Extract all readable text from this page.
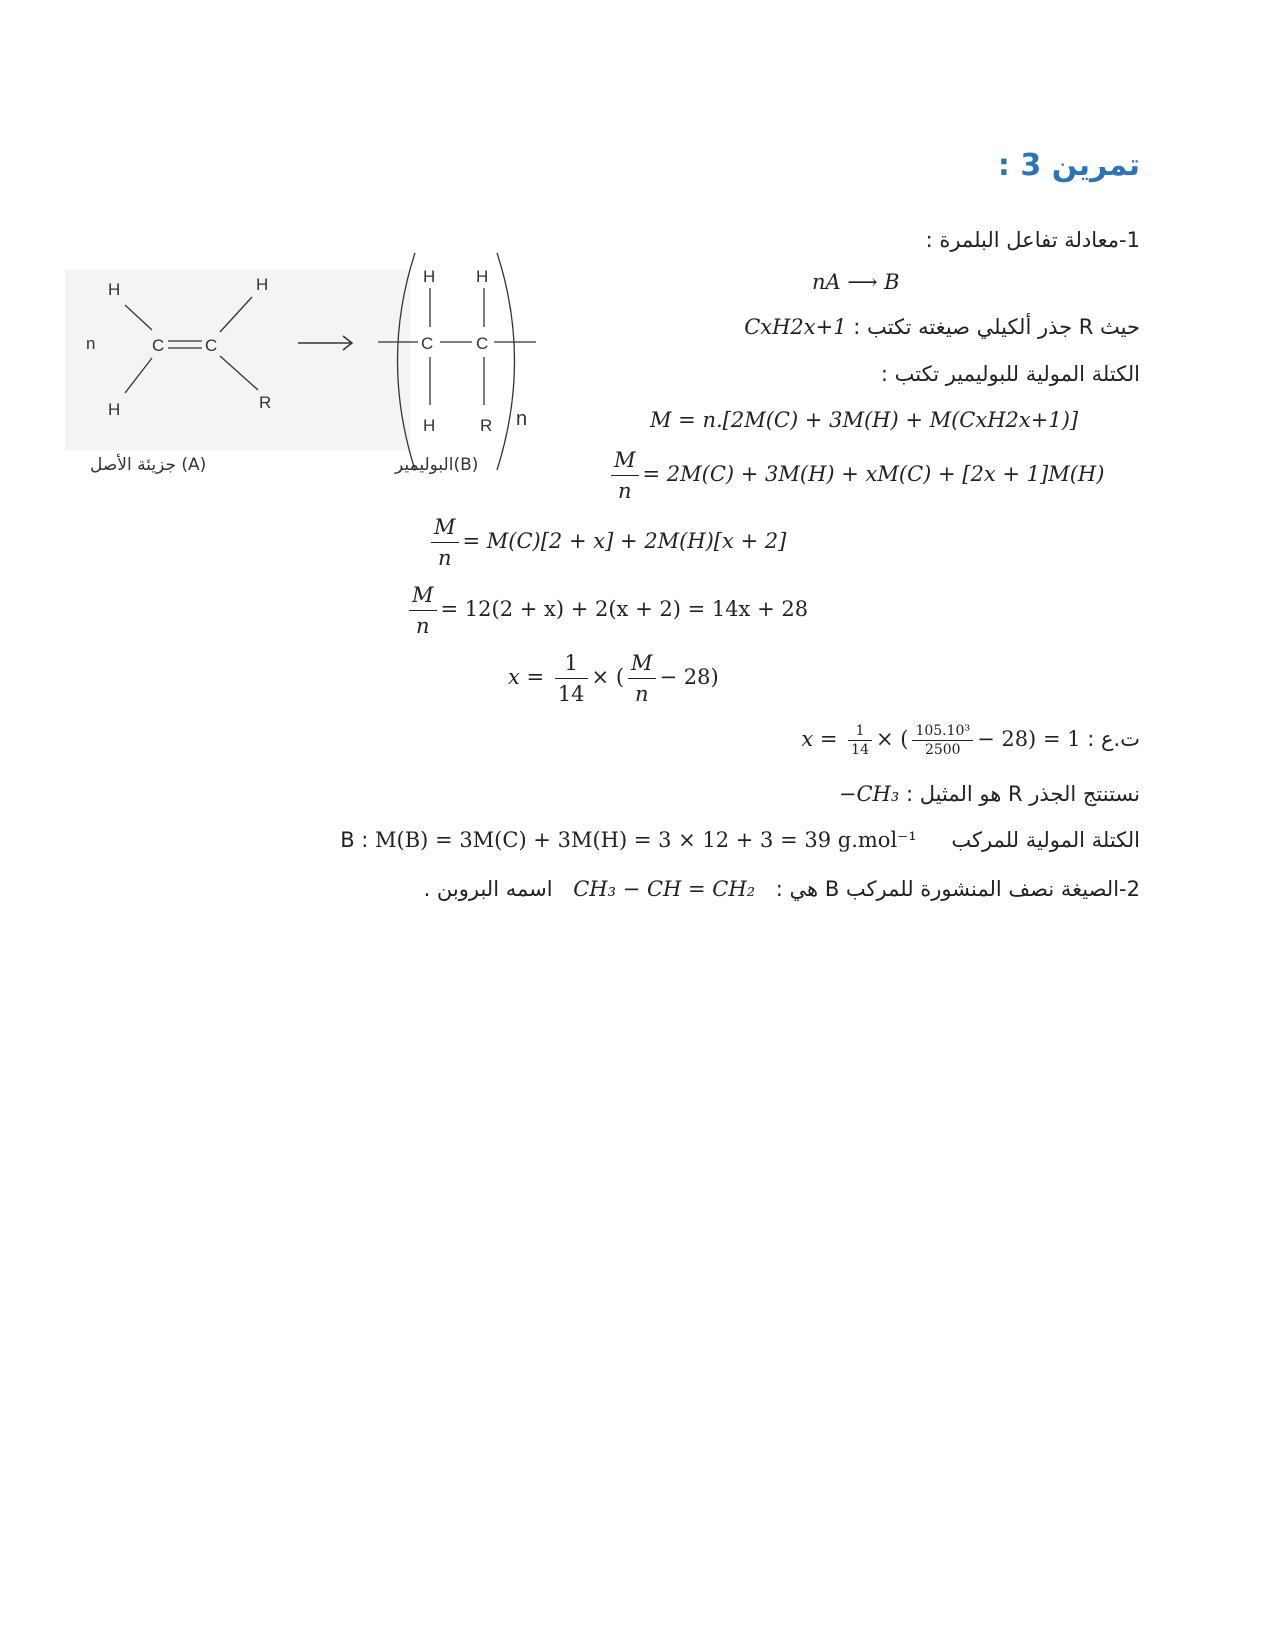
تمرين 3 :
1-معادلة تفاعل البلمرة :
nA ⟶ B
حيث R جذر ألكيلي صيغته تكتب : CxH2x+1
الكتلة المولية للبوليمير تكتب :
M = n.[2M(C) + 3M(H) + M(CxH2x+1)]
$\frac{M}{n} = 2M(C) + 3M(H) + xM(C) + [2x + 1]M(H)$
$\frac{M}{n} = M(C)[2 + x] + 2M(H)[x + 2]$
$\frac{M}{n} = 12(2 + x) + 2(x + 2) = 14x + 28$
$x = \frac{1}{14}$ × ( $\frac{M}{n} - 28$)
ت.ع : $x = \frac{1}{14}$ × ( $\frac{\text{105.10³}}{2500} - 28) = 1$
نستنتج الجذر R هو المثيل : −CH₃
الكتلة المولية للمركب B : M(B) = 3M(C) + 3M(H) = 3 × 12 + 3 = 39 g.mol⁻¹
2-الصيغة نصف المنشورة للمركب B هي : CH₃ − CH = CH₂ اسمه البروبن .
H	H
n	C C
H	R
جزيئة الأصل (A)
H H
C	C
H	R n
البوليمير(B)
